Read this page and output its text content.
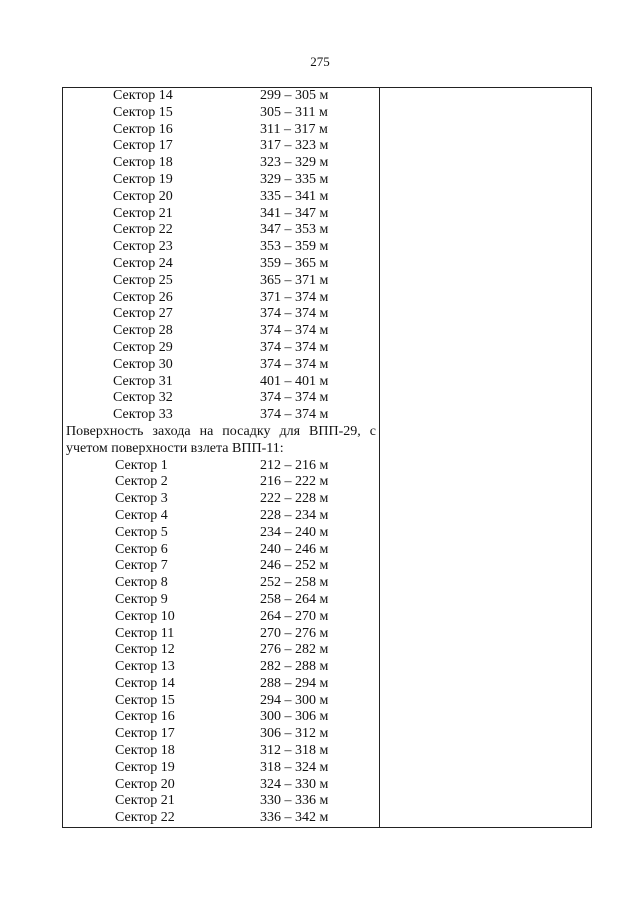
275
Сектор 14	299 – 305 м
Сектор 15	305 – 311 м
Сектор 16	311 – 317 м
Сектор 17	317 – 323 м
Сектор 18	323 – 329 м
Сектор 19	329 – 335 м
Сектор 20	335 – 341 м
Сектор 21	341 – 347 м
Сектор 22	347 – 353 м
Сектор 23	353 – 359 м
Сектор 24	359 – 365 м
Сектор 25	365 – 371 м
Сектор 26	371 – 374 м
Сектор 27	374 – 374 м
Сектор 28	374 – 374 м
Сектор 29	374 – 374 м
Сектор 30	374 – 374 м
Сектор 31	401 – 401 м
Сектор 32	374 – 374 м
Сектор 33	374 – 374 м
Поверхность захода на посадку для ВПП-29, с
учетом поверхности взлета ВПП-11:
Сектор 1	212 – 216 м
Сектор 2	216 – 222 м
Сектор 3	222 – 228 м
Сектор 4	228 – 234 м
Сектор 5	234 – 240 м
Сектор 6	240 – 246 м
Сектор 7	246 – 252 м
Сектор 8	252 – 258 м
Сектор 9	258 – 264 м
Сектор 10	264 – 270 м
Сектор 11	270 – 276 м
Сектор 12	276 – 282 м
Сектор 13	282 – 288 м
Сектор 14	288 – 294 м
Сектор 15	294 – 300 м
Сектор 16	300 – 306 м
Сектор 17	306 – 312 м
Сектор 18	312 – 318 м
Сектор 19	318 – 324 м
Сектор 20	324 – 330 м
Сектор 21	330 – 336 м
Сектор 22	336 – 342 м
